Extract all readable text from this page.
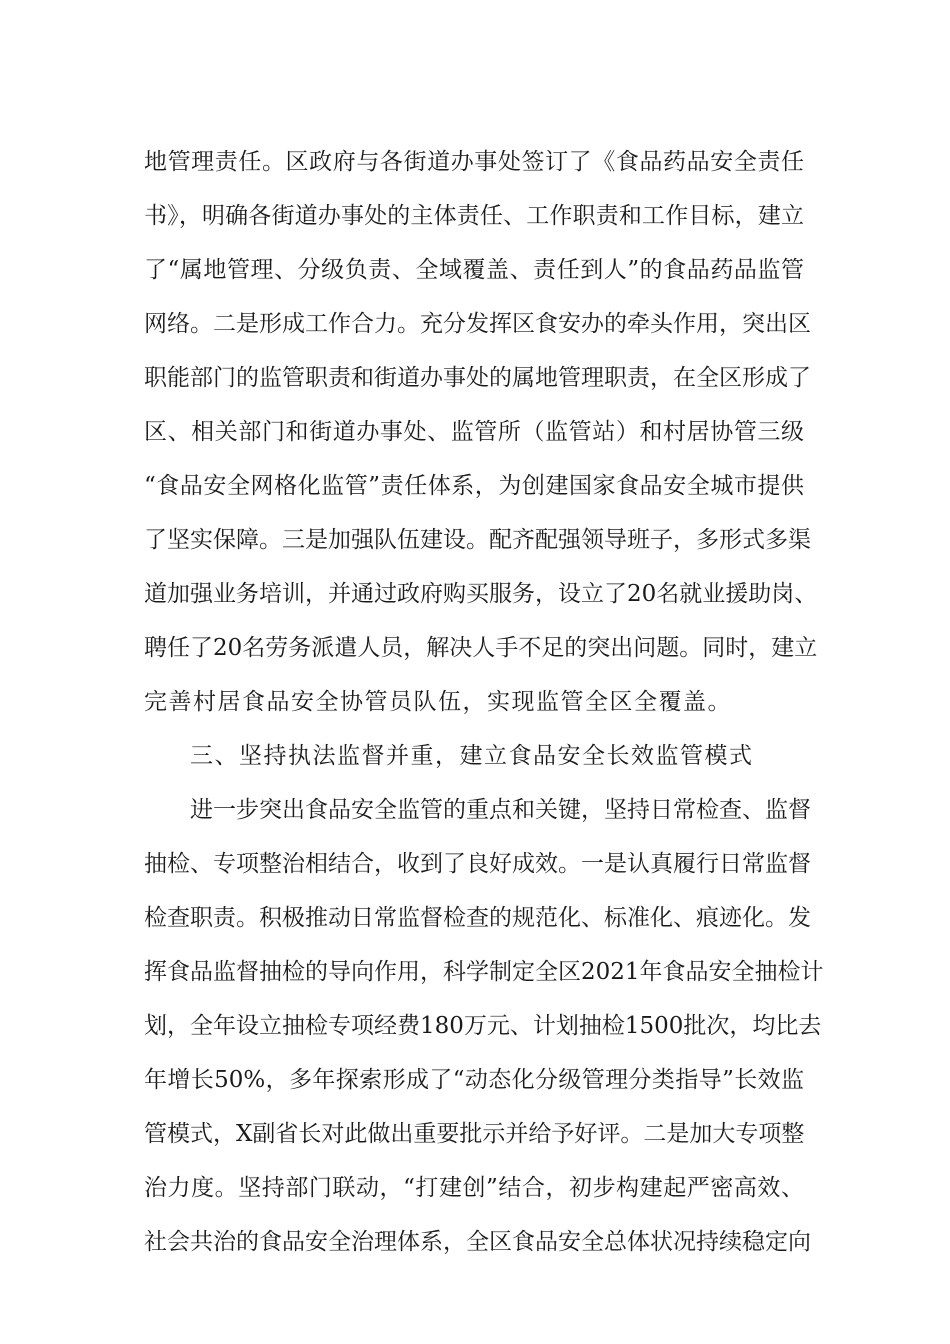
地管理责任。区政府与各街道办事处签订了《食品药品安全责任
书》，明确各街道办事处的主体责任、工作职责和工作目标，建立
了“属地管理、分级负责、全域覆盖、责任到人”的食品药品监管
网络。二是形成工作合力。充分发挥区食安办的牵头作用，突出区
职能部门的监管职责和街道办事处的属地管理职责，在全区形成了
区、相关部门和街道办事处、监管所（监管站）和村居协管三级
“食品安全网格化监管”责任体系，为创建国家食品安全城市提供
了坚实保障。三是加强队伍建设。配齐配强领导班子，多形式多渠
道加强业务培训，并通过政府购买服务，设立了20名就业援助岗、
聘任了20名劳务派遣人员，解决人手不足的突出问题。同时，建立
完善村居食品安全协管员队伍，实现监管全区全覆盖。
三、坚持执法监督并重，建立食品安全长效监管模式
进一步突出食品安全监管的重点和关键，坚持日常检查、监督
抽检、专项整治相结合，收到了良好成效。一是认真履行日常监督
检查职责。积极推动日常监督检查的规范化、标准化、痕迹化。发
挥食品监督抽检的导向作用，科学制定全区2021年食品安全抽检计
划，全年设立抽检专项经费180万元、计划抽检1500批次，均比去
年增长50%，多年探索形成了“动态化分级管理分类指导”长效监
管模式，X副省长对此做出重要批示并给予好评。二是加大专项整
治力度。坚持部门联动，“打建创”结合，初步构建起严密高效、
社会共治的食品安全治理体系，全区食品安全总体状况持续稳定向
